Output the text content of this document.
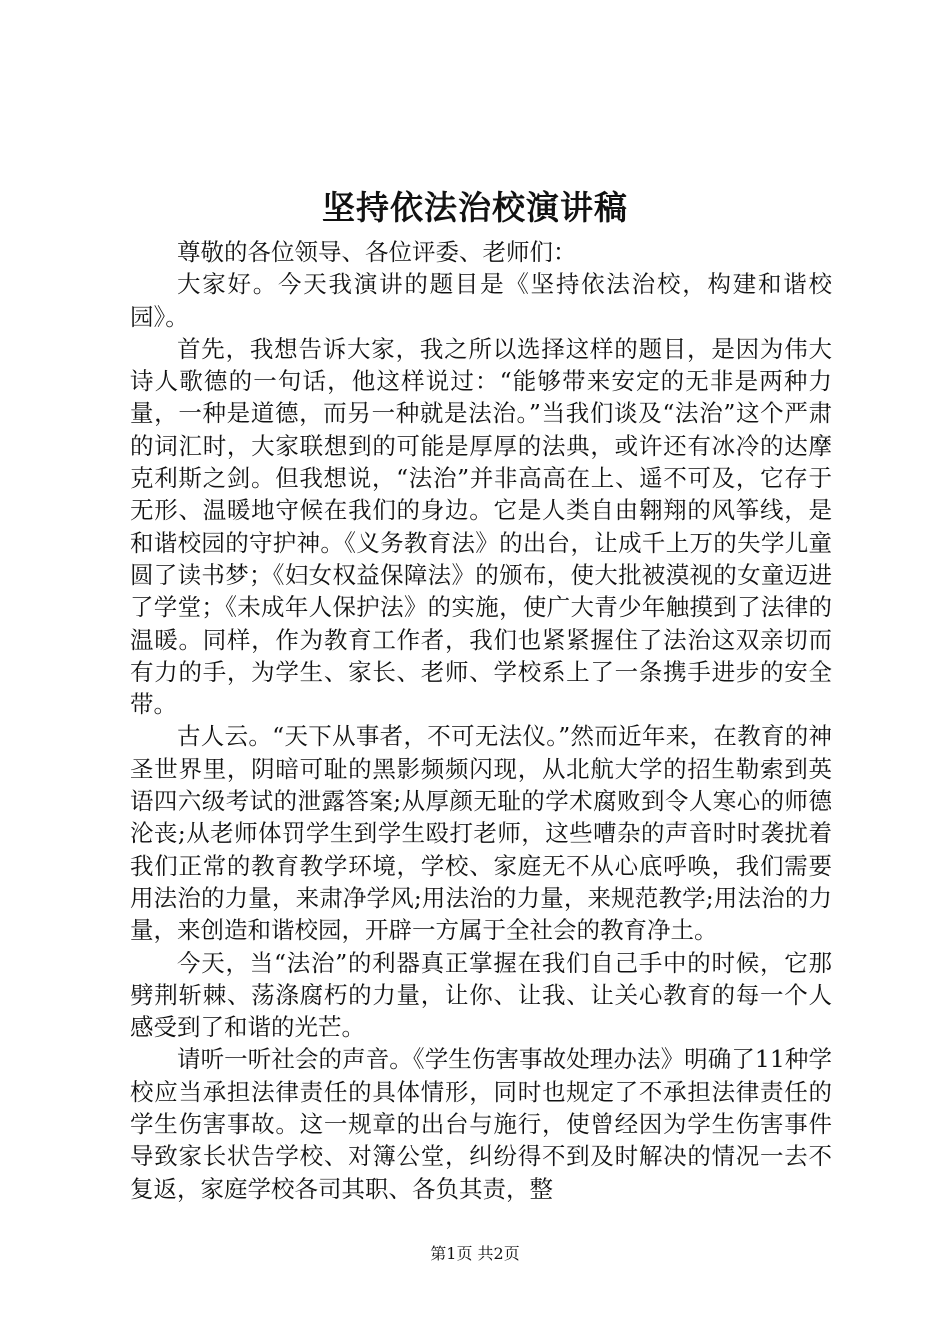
坚持依法治校演讲稿

尊敬的各位领导、各位评委、老师们：

大家好。今天我演讲的题目是《坚持依法治校，构建和谐校园》。

首先，我想告诉大家，我之所以选择这样的题目，是因为伟大诗人歌德的一句话，他这样说过：“能够带来安定的无非是两种力量，一种是道德，而另一种就是法治。”当我们谈及“法治”这个严肃的词汇时，大家联想到的可能是厚厚的法典，或许还有冰冷的达摩克利斯之剑。但我想说，“法治”并非高高在上、遥不可及，它存于无形、温暖地守候在我们的身边。它是人类自由翱翔的风筝线，是和谐校园的守护神。《义务教育法》的出台，让成千上万的失学儿童圆了读书梦；《妇女权益保障法》的颁布，使大批被漠视的女童迈进了学堂；《未成年人保护法》的实施，使广大青少年触摸到了法律的温暖。同样，作为教育工作者，我们也紧紧握住了法治这双亲切而有力的手，为学生、家长、老师、学校系上了一条携手进步的安全带。

古人云。“天下从事者，不可无法仪。”然而近年来，在教育的神圣世界里，阴暗可耻的黑影频频闪现，从北航大学的招生勒索到英语四六级考试的泄露答案;从厚颜无耻的学术腐败到令人寒心的师德沦丧;从老师体罚学生到学生殴打老师，这些嘈杂的声音时时袭扰着我们正常的教育教学环境，学校、家庭无不从心底呼唤，我们需要用法治的力量，来肃净学风;用法治的力量，来规范教学;用法治的力量，来创造和谐校园，开辟一方属于全社会的教育净土。

今天，当“法治”的利器真正掌握在我们自己手中的时候，它那劈荆斩棘、荡涤腐朽的力量，让你、让我、让关心教育的每一个人感受到了和谐的光芒。

请听一听社会的声音。《学生伤害事故处理办法》明确了11种学校应当承担法律责任的具体情形，同时也规定了不承担法律责任的学生伤害事故。这一规章的出台与施行，使曾经因为学生伤害事件导致家长状告学校、对簿公堂，纠纷得不到及时解决的情况一去不复返，家庭学校各司其职、各负其责，整

第1页 共2页
